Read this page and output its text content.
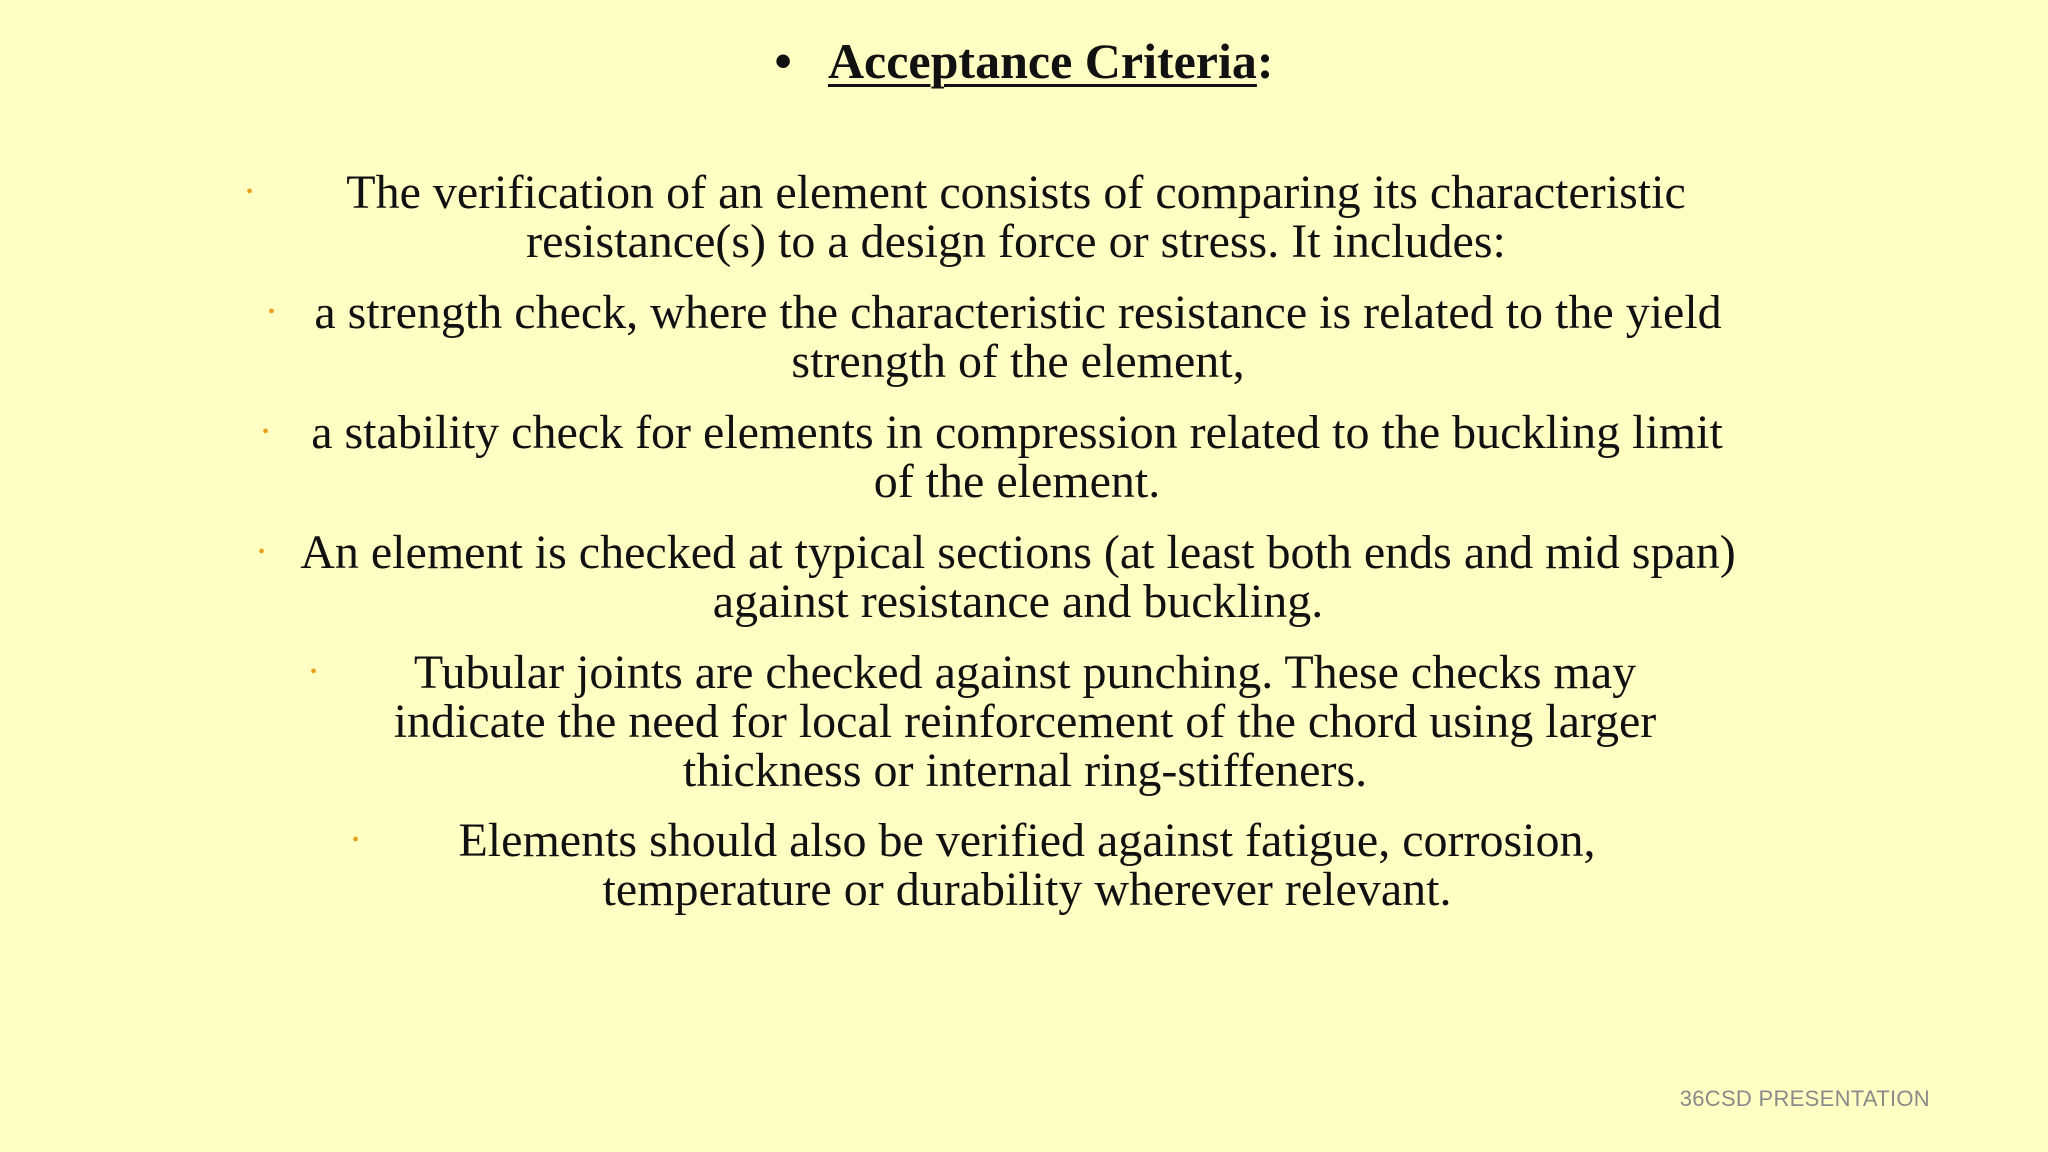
• Acceptance Criteria:
•	The verification of an element consists of comparing its characteristic resistance(s) to a design force or stress. It includes:
• a strength check, where the characteristic resistance is related to the yield strength of the element,
• a stability check for elements in compression related to the buckling limit of the element.
• An element is checked at typical sections (at least both ends and mid span) against resistance and buckling.
•	Tubular joints are checked against punching. These checks may indicate the need for local reinforcement of the chord using larger thickness or internal ring-stiffeners.
•	Elements should also be verified against fatigue, corrosion, temperature or durability wherever relevant.
36CSD PRESENTATION
